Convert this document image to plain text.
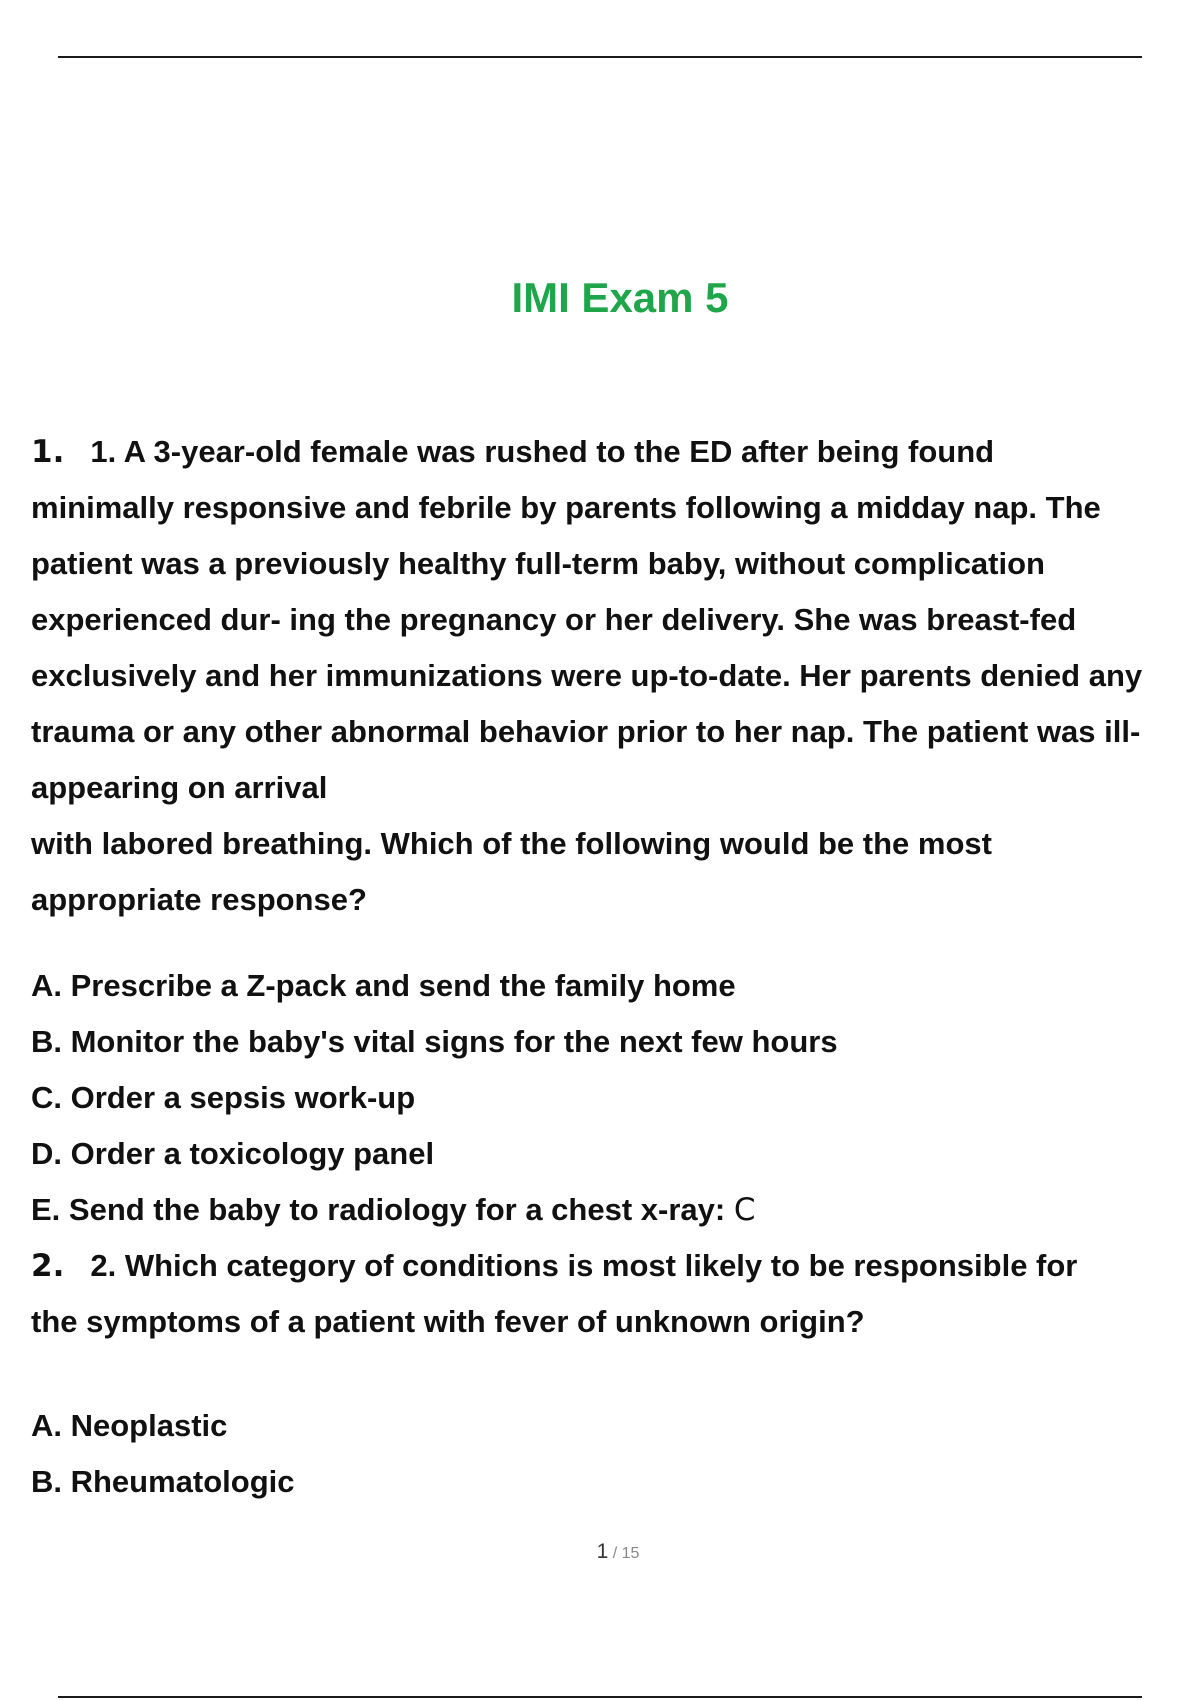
IMI Exam 5
1. 1. A 3-year-old female was rushed to the ED after being found
minimally responsive and febrile by parents following a midday nap. The
patient was a previously healthy full-term baby, without complication
experienced dur- ing the pregnancy or her delivery. She was breast-fed
exclusively and her immunizations were up-to-date. Her parents denied any
trauma or any other abnormal behavior prior to her nap. The patient was ill-
appearing on arrival
with labored breathing. Which of the following would be the most
appropriate response?
A. Prescribe a Z-pack and send the family home
B. Monitor the baby's vital signs for the next few hours
C. Order a sepsis work-up
D. Order a toxicology panel
E. Send the baby to radiology for a chest x-ray: C
2. 2. Which category of conditions is most likely to be responsible for
the symptoms of a patient with fever of unknown origin?
A. Neoplastic
B. Rheumatologic
1 / 15
